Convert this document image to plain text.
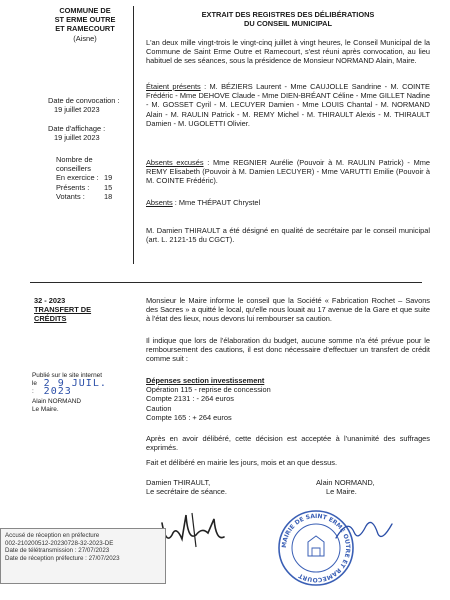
COMMUNE DE
ST ERME OUTRE
ET RAMECOURT
(Aisne)
Date de convocation :
19 juillet 2023
Date d'affichage :
19 juillet 2023
Nombre de
conseillers
En exercice : 19
Présents :	15
Votants :	18
32 - 2023
TRANSFERT DE
CRÉDITS
Publié sur le site internet
le :
2 9 JUIL. 2023
Alain NORMAND
Le Maire.
EXTRAIT DES REGISTRES DES DÉLIBÉRATIONS
DU CONSEIL MUNICIPAL
L'an deux mille vingt-trois le vingt-cinq juillet à vingt heures, le Conseil Municipal de la Commune de Saint Erme Outre et Ramecourt, s'est réuni après convocation, au lieu habituel de ses séances, sous la présidence de Monsieur NORMAND Alain, Maire.
Étaient présents : M. BÉZIERS Laurent - Mme CAUJOLLE Sandrine - M. COINTE Frédéric - Mme DEHOVE Claude - Mme DIEN-BRÉANT Céline - Mme GILLET Nadine - M. GOSSET Cyril - M. LECUYER Damien - Mme LOUIS Chantal - M. NORMAND Alain - M. RAULIN Patrick - M. REMY Michel - M. THIRAULT Alexis - M. THIRAULT Damien - M. UGOLETTI Olivier.
Absents excusés : Mme REGNIER Aurélie (Pouvoir à M. RAULIN Patrick) - Mme REMY Elisabeth (Pouvoir à M. Damien LECUYER) - Mme VARUTTI Emilie (Pouvoir à M. COINTE Frédéric).
Absents : Mme THÉPAUT Chrystel
M. Damien THIRAULT a été désigné en qualité de secrétaire par le conseil municipal (art. L. 2121-15 du CGCT).
Monsieur le Maire informe le conseil que la Société « Fabrication Rochet – Savons des Sacres » a quitté le local, qu'elle nous louait au 17 avenue de la Gare et que suite à l'état des lieux, nous devons lui rembourser sa caution.
Il indique que lors de l'élaboration du budget, aucune somme n'a été prévue pour le remboursement des cautions, il est donc nécessaire d'effectuer un transfert de crédit comme suit :
Dépenses section investissement
Opération 115 - reprise de concession
Compte 2131 : - 264 euros
Caution
Compte 165 : + 264 euros
Après en avoir délibéré, cette décision est acceptée à l'unanimité des suffrages exprimés.
Fait et délibéré en mairie les jours, mois et an que dessus.
Damien THIRAULT,
Le secrétaire de séance.
Alain NORMAND,
Le Maire.
MAIRIE DE SAINT ERME OUTRE ET RAMECOURT
Accusé de réception en préfecture
002-210200512-20230728-32-2023-DE
Date de télétransmission : 27/07/2023
Date de réception préfecture : 27/07/2023
